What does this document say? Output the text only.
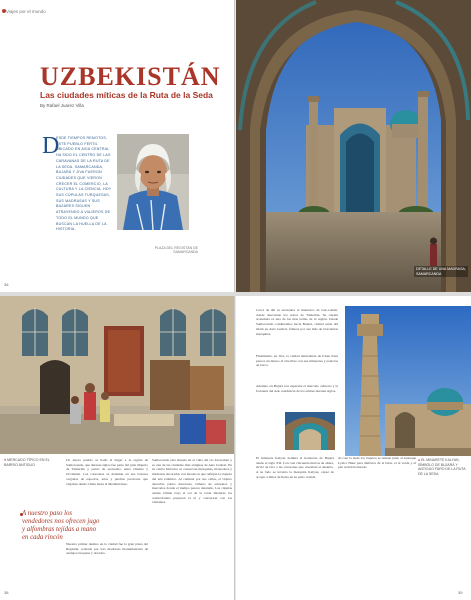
Viajes por el mundo
UZBEKISTÁN
Las ciudades míticas de la Ruta de la Seda
By Rafael Juarez Villa
D
ESDE TIEMPOS REMOTOS, ESTE PUEBLO FÉRTIL UBICADO EN ASIA CENTRAL HA SIDO EL CENTRO DE LAS CARAVANAS DE LA RUTA DE LA SEDA. SAMARCANDA, BUJARÁ Y JIVA FUERON CIUDADES QUE VIERON CRECER EL COMERCIO, LA CULTURA Y LA CIENCIA. HOY SUS CÚPULAS TURQUESAS, SUS MADRASAS Y SUS BAZARES SIGUEN ATRAYENDO A VIAJEROS DE TODO EL MUNDO QUE BUSCAN LA HUELLA DE LA HISTORIA.
36
PLAZA DEL REGISTÁN DE SAMARCANDA
DETALLE DE UNA MADRASA, SAMARCANDA
● MERCADO TÍPICO EN EL BARRIO ANTIGUO
Un nuevo pueblo se halló al llegar a la región de Samarcanda, que durante siglos fue parte del gran imperio de Tamerlán y punto de encuentro entre Oriente y Occidente. Las caravanas se detenían en sus bazares cargadas de especias, telas y piedras preciosas que viajaban desde China hasta el Mediterráneo.
A nuestro paso los vendedores nos ofrecen jugo y alfombras tejidas a mano en cada rincón
Nuestro primer destino en la ciudad fue la gran plaza del Registán, rodeada por tres madrasas monumentales de azulejos turquesa y dorados.
Samarcanda está situada en el valle del río Zeravshan y es una de las ciudades más antiguas de Asia Central. En su centro histórico se conservan mezquitas, mausoleos y madrasas decoradas con mosaicos que reflejan la riqueza del arte islámico. Al caminar por sus calles, el viajero descubre patios interiores, talleres de artesanos y mercados donde el tiempo parece detenido. Las cúpulas azules brillan bajo el sol de la tarde mientras los comerciantes preparan el té y conversan con los visitantes.
38
Cerca de allí se encuentra el mausoleo de Gur-i-Amir, donde descansan los restos de Tamerlán. Su cúpula acanalada es una de las más bellas de la región. Desde Samarcanda continuamos hacia Bujará, ciudad santa del islam en Asia Central, famosa por sus más de trescientas mezquitas.
Finalmente, en Jiva, la ciudad amurallada de Ichan Kala parece un museo al aire libre con sus minaretes y palacios de barro.
Además, en Bujará nos esperaba el mercado cubierto y la fortaleza del Ark, residencia de los emires durante siglos.
El minarete Kalyan domina el horizonte de Bujará desde el siglo XII. Con casi cincuenta metros de altura, sirvió de faro a las caravanas que cruzaban el desierto. A su lado se levanta la mezquita Kalyan, capaz de acoger a miles de fieles en su patio central.
Al caer la tarde los viajeros se reúnen junto al estanque Lyab-i Hauz para disfrutar de la brisa, el té verde y el pan recién horneado.
● EL MINARETE KALYAN, SÍMBOLO DE BUJARÁ Y ANTIGUO FARO DE LA RUTA DE LA SEDA
39
